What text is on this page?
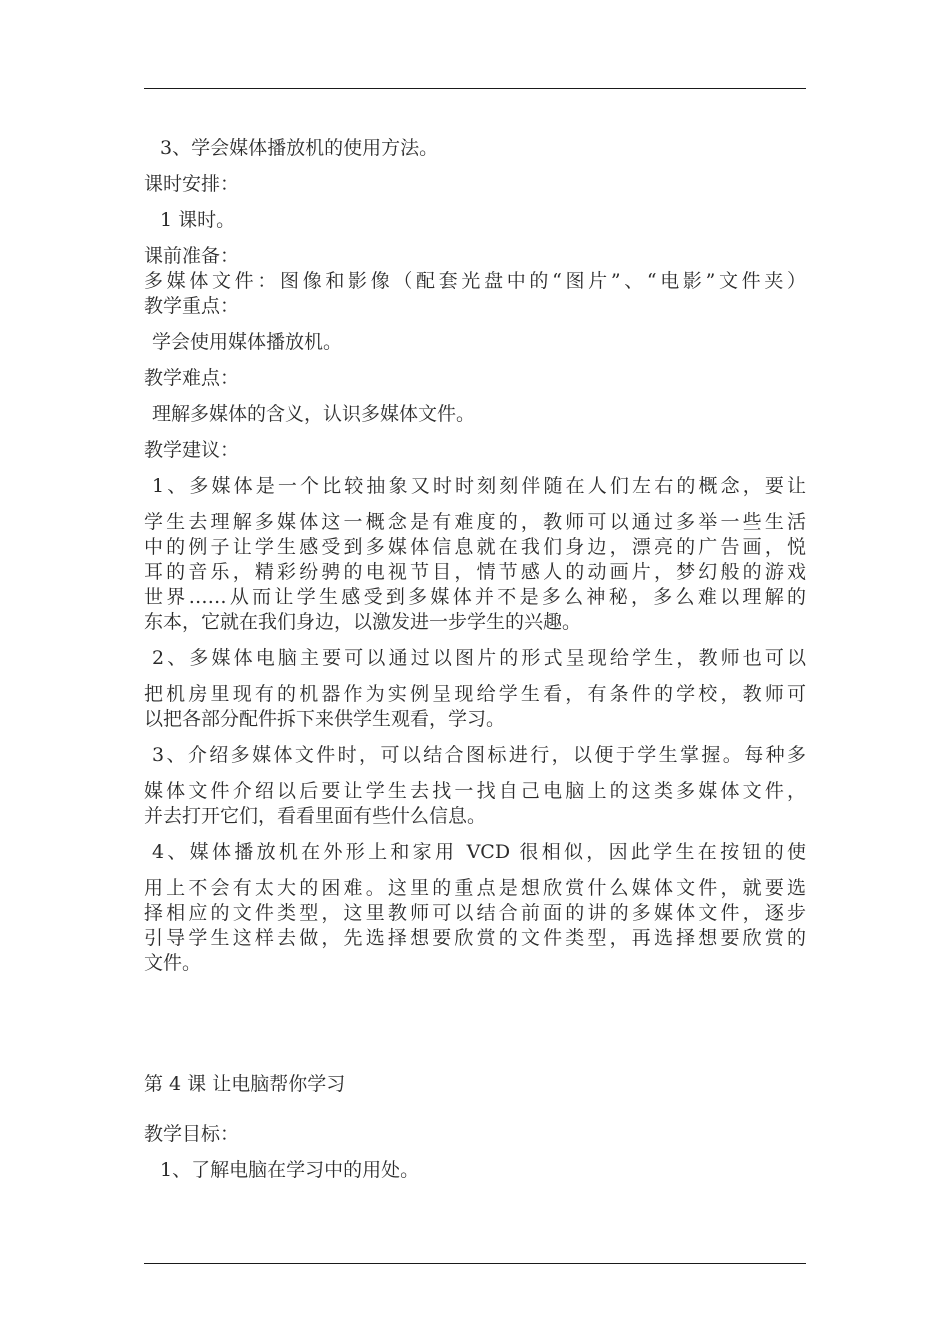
3、学会媒体播放机的使用方法。
课时安排：
1 课时。
课前准备：
多媒体文件：图像和影像（配套光盘中的“图片”、“电影”文件夹）
教学重点：
学会使用媒体播放机。
教学难点：
理解多媒体的含义，认识多媒体文件。
教学建议：
1、多媒体是一个比较抽象又时时刻刻伴随在人们左右的概念，要让
学生去理解多媒体这一概念是有难度的，教师可以通过多举一些生活
中的例子让学生感受到多媒体信息就在我们身边，漂亮的广告画，悦
耳的音乐，精彩纷骋的电视节目，情节感人的动画片，梦幻般的游戏
世界……从而让学生感受到多媒体并不是多么神秘，多么难以理解的
东本，它就在我们身边，以激发进一步学生的兴趣。
2、多媒体电脑主要可以通过以图片的形式呈现给学生，教师也可以
把机房里现有的机器作为实例呈现给学生看，有条件的学校，教师可
以把各部分配件拆下来供学生观看，学习。
3、介绍多媒体文件时，可以结合图标进行，以便于学生掌握。每种多
媒体文件介绍以后要让学生去找一找自己电脑上的这类多媒体文件，
并去打开它们，看看里面有些什么信息。
4、媒体播放机在外形上和家用 VCD 很相似，因此学生在按钮的使
用上不会有太大的困难。这里的重点是想欣赏什么媒体文件，就要选
择相应的文件类型，这里教师可以结合前面的讲的多媒体文件，逐步
引导学生这样去做，先选择想要欣赏的文件类型，再选择想要欣赏的
文件。
第 4 课 让电脑帮你学习
教学目标：
1、了解电脑在学习中的用处。
